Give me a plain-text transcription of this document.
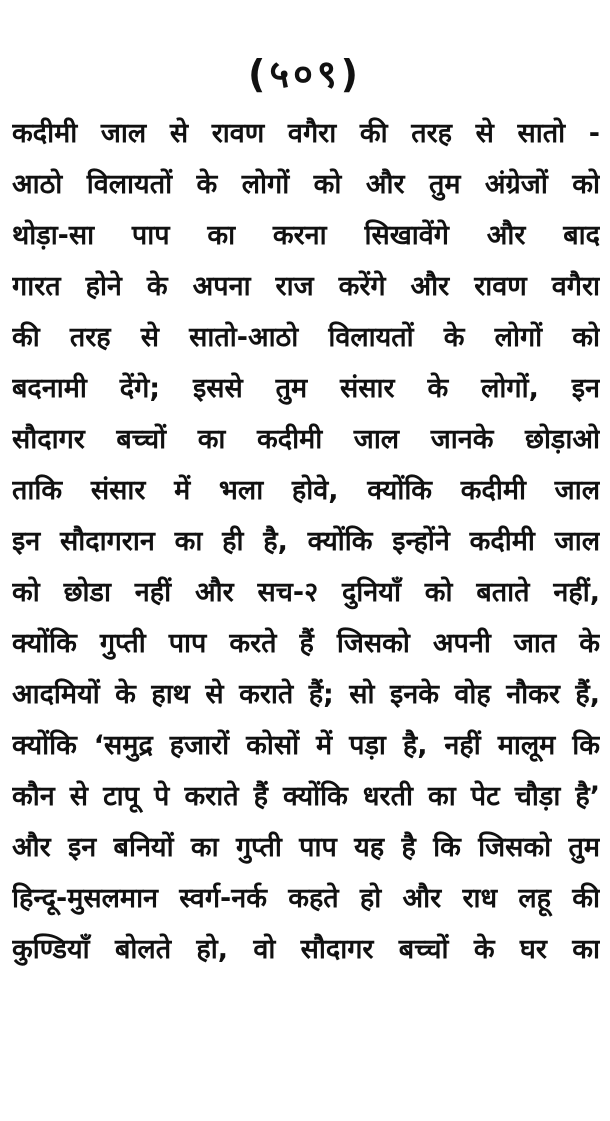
(५०९)
कदीमी जाल से रावण वगैरा की तरह से सातो -
आठो विलायतों के लोगों को और तुम अंग्रेजों को
थोड़ा-सा पाप का करना सिखावेंगे और बाद
गारत होने के अपना राज करेंगे और रावण वगैरा
की तरह से सातो-आठो विलायतों के लोगों को
बदनामी देंगे; इससे तुम संसार के लोगों, इन
सौदागर बच्चों का कदीमी जाल जानके छोड़ाओ
ताकि संसार में भला होवे, क्योंकि कदीमी जाल
इन सौदागरान का ही है, क्योंकि इन्होंने कदीमी जाल
को छोडा नहीं और सच-२ दुनियाँ को बताते नहीं,
क्योंकि गुप्ती पाप करते हैं जिसको अपनी जात के
आदमियों के हाथ से कराते हैं; सो इनके वोह नौकर हैं,
क्योंकि ‘समुद्र हजारों कोसों में पड़ा है, नहीं मालूम कि
कौन से टापू पे कराते हैं क्योंकि धरती का पेट चौड़ा है’
और इन बनियों का गुप्ती पाप यह है कि जिसको तुम
हिन्दू-मुसलमान स्वर्ग-नर्क कहते हो और राध लहू की
कुण्डियाँ बोलते हो, वो सौदागर बच्चों के घर का
